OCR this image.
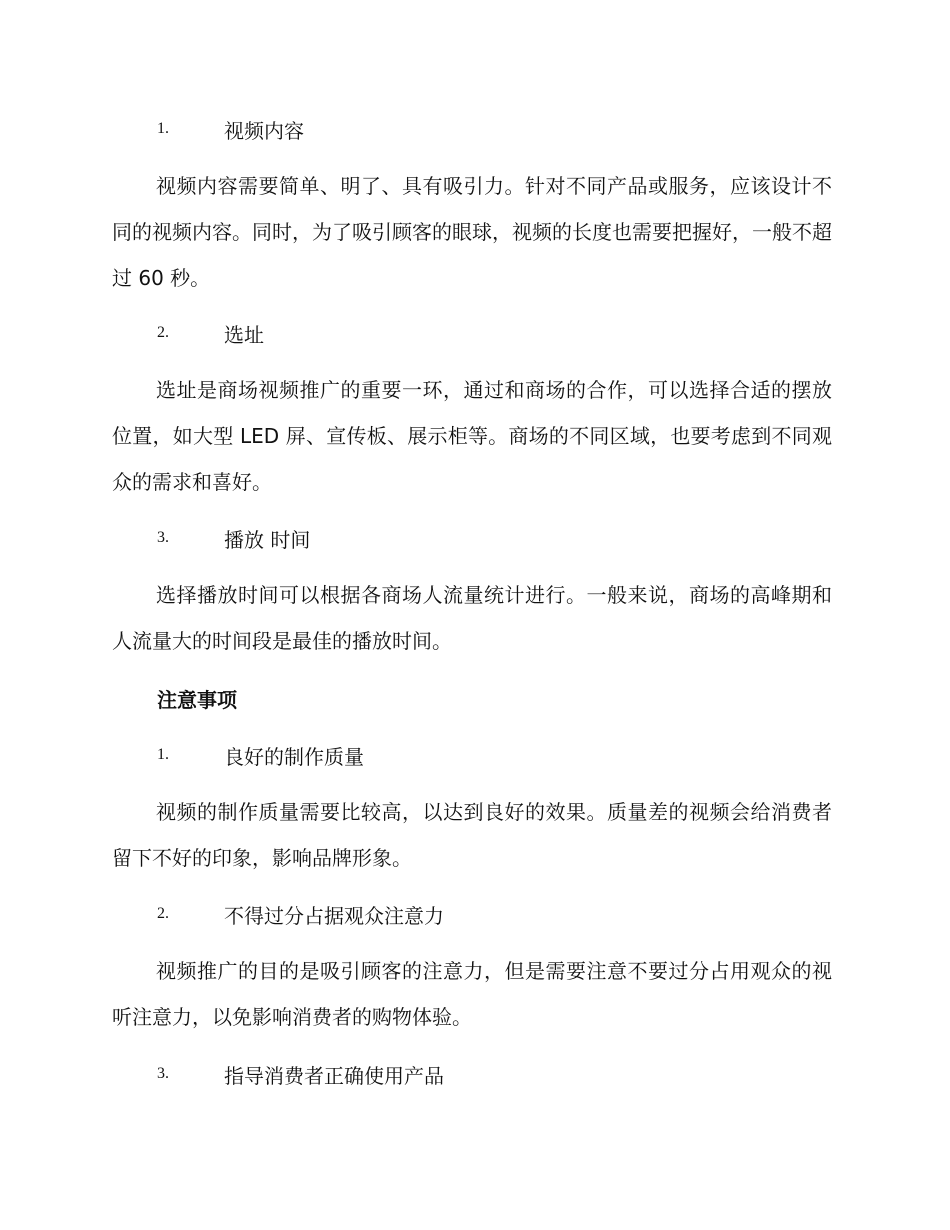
1.	视频内容

视频内容需要简单、明了、具有吸引力。针对不同产品或服务，应该设计不同的视频内容。同时，为了吸引顾客的眼球，视频的长度也需要把握好，一般不超过 60 秒。

2.	选址

选址是商场视频推广的重要一环，通过和商场的合作，可以选择合适的摆放位置，如大型 LED 屏、宣传板、展示柜等。商场的不同区域，也要考虑到不同观众的需求和喜好。

3.	播放 时间

选择播放时间可以根据各商场人流量统计进行。一般来说，商场的高峰期和人流量大的时间段是最佳的播放时间。

注意事项
1.	良好的制作质量

视频的制作质量需要比较高，以达到良好的效果。质量差的视频会给消费者留下不好的印象，影响品牌形象。

2.	不得过分占据观众注意力

视频推广的目的是吸引顾客的注意力，但是需要注意不要过分占用观众的视听注意力，以免影响消费者的购物体验。

3.	指导消费者正确使用产品
